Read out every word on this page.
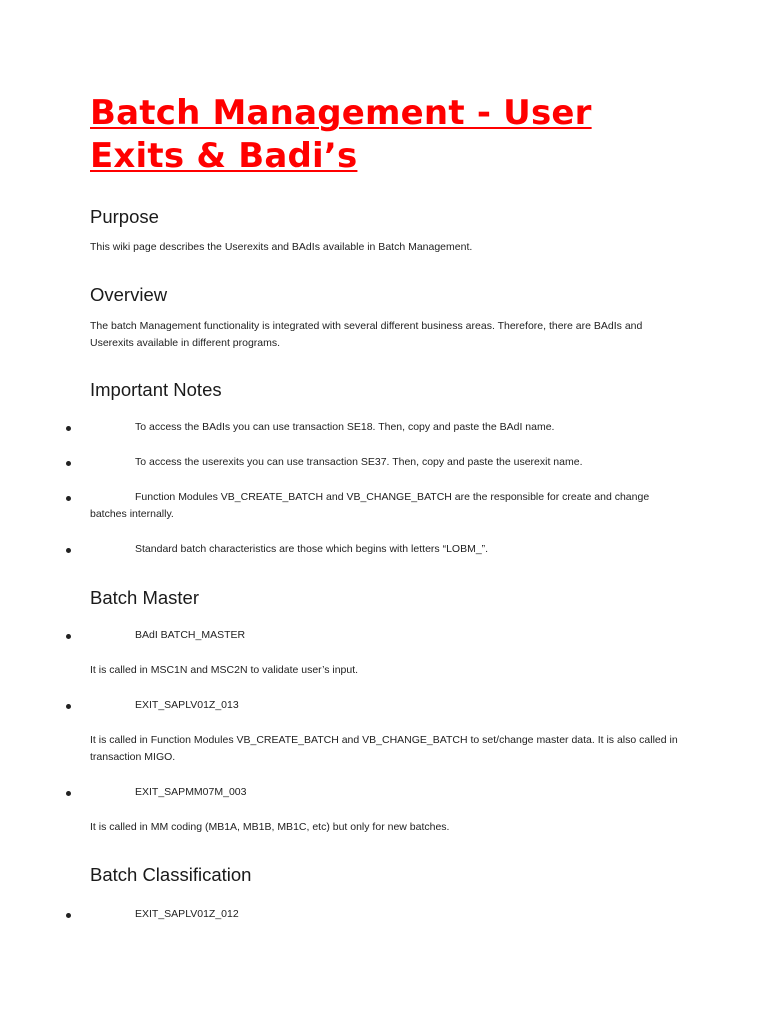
Batch Management - User Exits & Badi’s
Purpose

This wiki page describes the Userexits and BAdIs available in Batch Management.

Overview

The batch Management functionality is integrated with several different business areas. Therefore, there are BAdIs and Userexits available in different programs.

Important Notes

To access the BAdIs you can use transaction SE18. Then, copy and paste the BAdI name.

To access the userexits you can use transaction SE37. Then, copy and paste the userexit name.

Function Modules VB_CREATE_BATCH and VB_CHANGE_BATCH are the responsible for create and change batches internally.

Standard batch characteristics are those which begins with letters “LOBM_”.

Batch Master

BAdI BATCH_MASTER

It is called in MSC1N and MSC2N to validate user’s input.

EXIT_SAPLV01Z_013

It is called in Function Modules VB_CREATE_BATCH and VB_CHANGE_BATCH to set/change master data. It is also called in transaction MIGO.

EXIT_SAPMM07M_003

It is called in MM coding (MB1A, MB1B, MB1C, etc) but only for new batches.

Batch Classification

EXIT_SAPLV01Z_012
